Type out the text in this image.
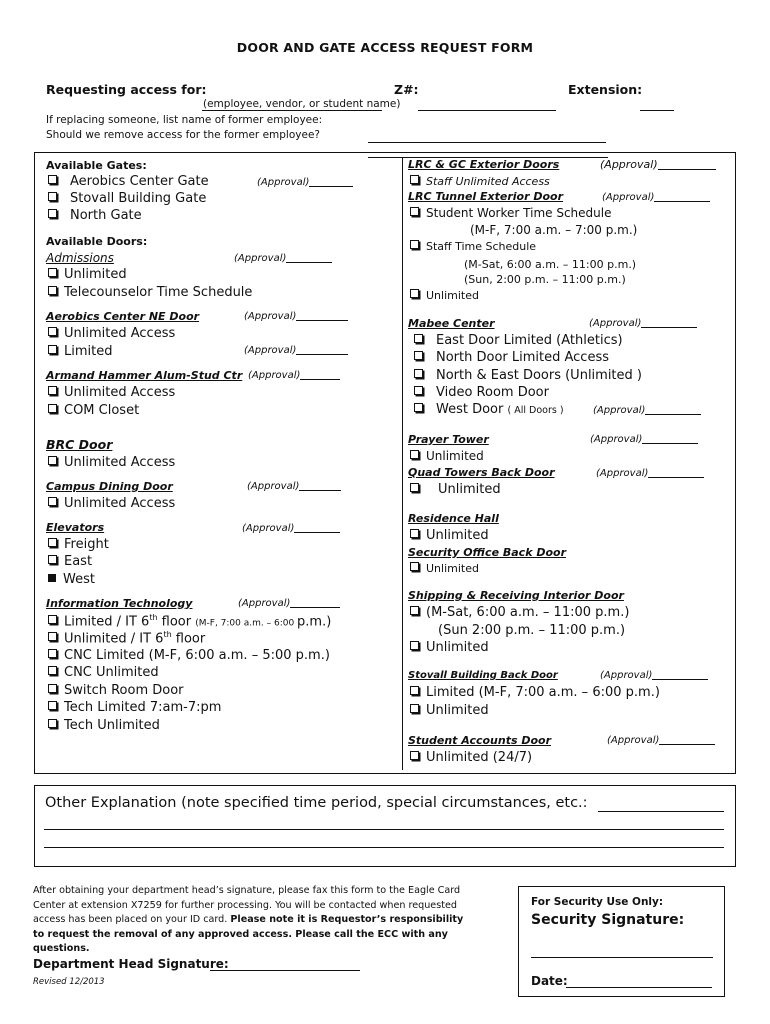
DOOR AND GATE ACCESS REQUEST FORM
Requesting access for:	Z#:	Extension:
(employee, vendor, or student name)
If replacing someone, list name of former employee:
Should we remove access for the former employee?
Available Gates:
Aerobics Center Gate	(Approval)
Stovall Building Gate
North Gate
Available Doors:
Admissions	(Approval)
Unlimited
Telecounselor Time Schedule
Aerobics Center NE Door	(Approval)
Unlimited Access
Limited	(Approval)
Armand Hammer Alum-Stud Ctr (Approval)
Unlimited Access
COM Closet
BRC Door
Unlimited Access
Campus Dining Door	(Approval)
Unlimited Access
Elevators	(Approval)
Freight
East
West
Information Technology	(Approval)
Limited / IT 6th floor (M-F, 7:00 a.m. – 6:00 p.m.)
Unlimited / IT 6th floor
CNC Limited (M-F, 6:00 a.m. – 5:00 p.m.)
CNC Unlimited
Switch Room Door
Tech Limited 7:am-7:pm
Tech Unlimited
LRC & GC Exterior Doors	(Approval)
Staff Unlimited Access
LRC Tunnel Exterior Door	(Approval)
Student Worker Time Schedule
(M-F, 7:00 a.m. – 7:00 p.m.)
Staff Time Schedule
(M-Sat, 6:00 a.m. – 11:00 p.m.)
(Sun, 2:00 p.m. – 11:00 p.m.)
Unlimited
Mabee Center	(Approval)
East Door Limited (Athletics)
North Door Limited Access
North & East Doors (Unlimited )
Video Room Door
West Door ( All Doors )	(Approval)
Prayer Tower	(Approval)
Unlimited
Quad Towers Back Door	(Approval)
Unlimited
Residence Hall
Unlimited
Security Office Back Door
Unlimited
Shipping & Receiving Interior Door
(M-Sat, 6:00 a.m. – 11:00 p.m.)
(Sun 2:00 p.m. – 11:00 p.m.)
Unlimited
Stovall Building Back Door	(Approval)
Limited (M-F, 7:00 a.m. – 6:00 p.m.)
Unlimited
Student Accounts Door	(Approval)
Unlimited (24/7)
Other Explanation (note specified time period, special circumstances, etc.:
After obtaining your department head’s signature, please fax this form to the Eagle Card Center at extension X7259 for further processing. You will be contacted when requested access has been placed on your ID card. Please note it is Requestor’s responsibility to request the removal of any approved access. Please call the ECC with any questions.
Department Head Signature:
Revised 12/2013
For Security Use Only:
Security Signature:
Date:
